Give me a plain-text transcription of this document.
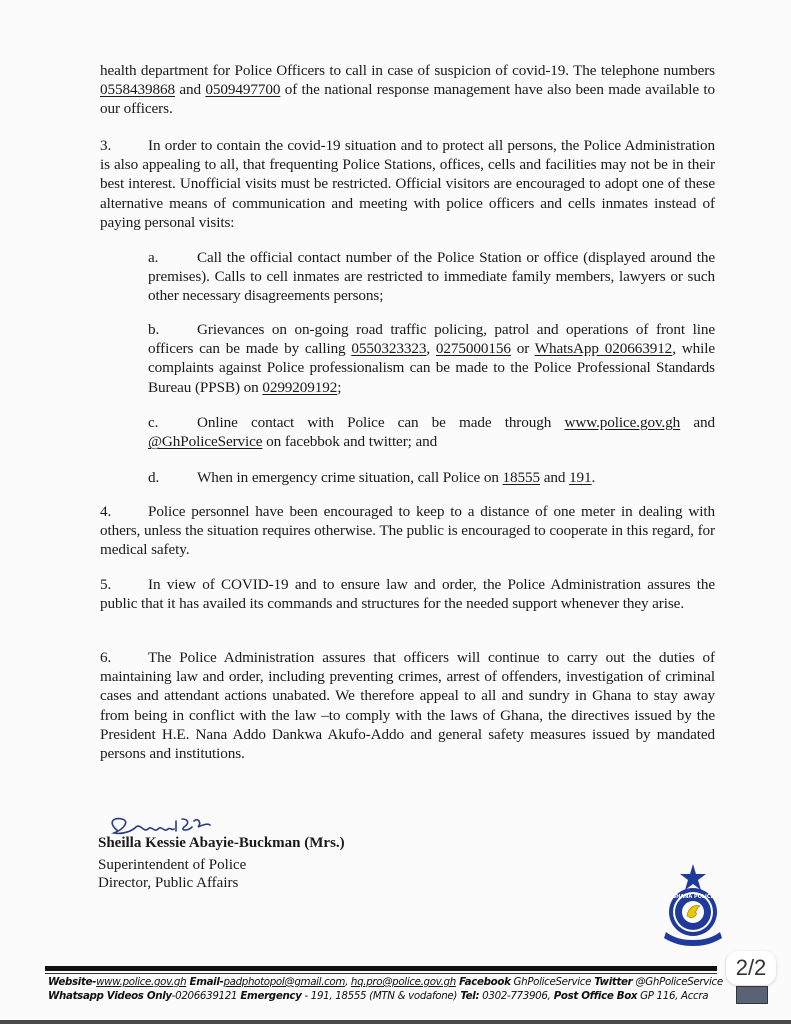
health department for Police Officers to call in case of suspicion of covid-19. The telephone numbers 0558439868 and 0509497700 of the national response management have also been made available to our officers.
3. In order to contain the covid-19 situation and to protect all persons, the Police Administration is also appealing to all, that frequenting Police Stations, offices, cells and facilities may not be in their best interest. Unofficial visits must be restricted. Official visitors are encouraged to adopt one of these alternative means of communication and meeting with police officers and cells inmates instead of paying personal visits:
a.	Call the official contact number of the Police Station or office (displayed around the premises). Calls to cell inmates are restricted to immediate family members, lawyers or such other necessary disagreements persons;
b. Grievances on on-going road traffic policing, patrol and operations of front line officers can be made by calling 0550323323, 0275000156 or WhatsApp 020663912, while complaints against Police professionalism can be made to the Police Professional Standards Bureau (PPSB) on 0299209192;
c.	Online contact with Police can be made through www.police.gov.gh and @GhPoliceService on facebbok and twitter; and
d. When in emergency crime situation, call Police on 18555 and 191.
4. Police personnel have been encouraged to keep to a distance of one meter in dealing with others, unless the situation requires otherwise. The public is encouraged to cooperate in this regard, for medical safety.
5. In view of COVID-19 and to ensure law and order, the Police Administration assures the public that it has availed its commands and structures for the needed support whenever they arise.
6. The Police Administration assures that officers will continue to carry out the duties of maintaining law and order, including preventing crimes, arrest of offenders, investigation of criminal cases and attendant actions unabated. We therefore appeal to all and sundry in Ghana to stay away from being in conflict with the law –to comply with the laws of Ghana, the directives issued by the President H.E. Nana Addo Dankwa Akufo-Addo and general safety measures issued by mandated persons and institutions.
Sheilla Kessie Abayie-Buckman (Mrs.)
Superintendent of Police
Director, Public Affairs
GHANA POLICE
Website-www.police.gov.gh Email-padphotopol@gmail.com, hq.pro@police.gov.gh Facebook GhPoliceService Twitter @GhPoliceService
Whatsapp Videos Only-0206639121 Emergency - 191, 18555 (MTN & vodafone) Tel: 0302-773906, Post Office Box GP 116, Accra
2/2
